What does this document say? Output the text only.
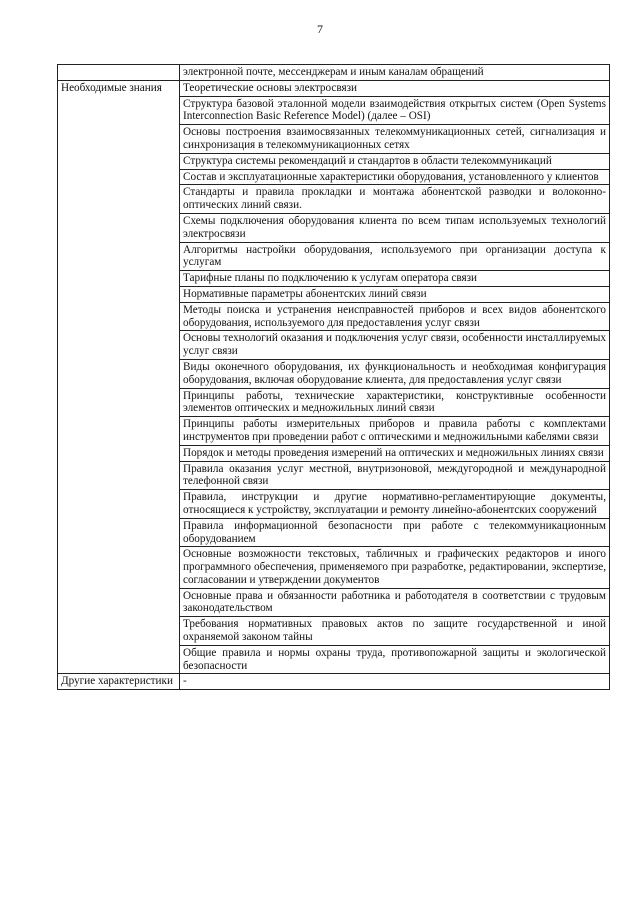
7
	электронной почте, мессенджерам и иным каналам обращений
Необходимые знания	Теоретические основы электросвязи
	Структура базовой эталонной модели взаимодействия открытых систем (Open Systems Interconnection Basic Reference Model) (далее – OSI)
	Основы построения взаимосвязанных телекоммуникационных сетей, сигнализация и синхронизация в телекоммуникационных сетях
	Структура системы рекомендаций и стандартов в области телекоммуникаций
	Состав и эксплуатационные характеристики оборудования, установленного у клиентов
	Стандарты и правила прокладки и монтажа абонентской разводки и волоконно-оптических линий связи.
	Схемы подключения оборудования клиента по всем типам используемых технологий электросвязи
	Алгоритмы настройки оборудования, используемого при организации доступа к услугам
	Тарифные планы по подключению к услугам оператора связи
	Нормативные параметры абонентских линий связи
	Методы поиска и устранения неисправностей приборов и всех видов абонентского оборудования, используемого для предоставления услуг связи
	Основы технологий оказания и подключения услуг связи, особенности инсталлируемых услуг связи
	Виды оконечного оборудования, их функциональность и необходимая конфигурация оборудования, включая оборудование клиента, для предоставления услуг связи
	Принципы работы, технические характеристики, конструктивные особенности элементов оптических и медножильных линий связи
	Принципы работы измерительных приборов и правила работы с комплектами инструментов при проведении работ с оптическими и медножильными кабелями связи
	Порядок и методы проведения измерений на оптических и медножильных линиях связи
	Правила оказания услуг местной, внутризоновой, междугородной и международной телефонной связи
	Правила, инструкции и другие нормативно-регламентирующие документы, относящиеся к устройству, эксплуатации и ремонту линейно-абонентских сооружений
	Правила информационной безопасности при работе с телекоммуникационным оборудованием
	Основные возможности текстовых, табличных и графических редакторов и иного программного обеспечения, применяемого при разработке, редактировании, экспертизе, согласовании и утверждении документов
	Основные права и обязанности работника и работодателя в соответствии с трудовым законодательством
	Требования нормативных правовых актов по защите государственной и иной охраняемой законом тайны
	Общие правила и нормы охраны труда, противопожарной защиты и экологической безопасности
Другие характеристики	-
